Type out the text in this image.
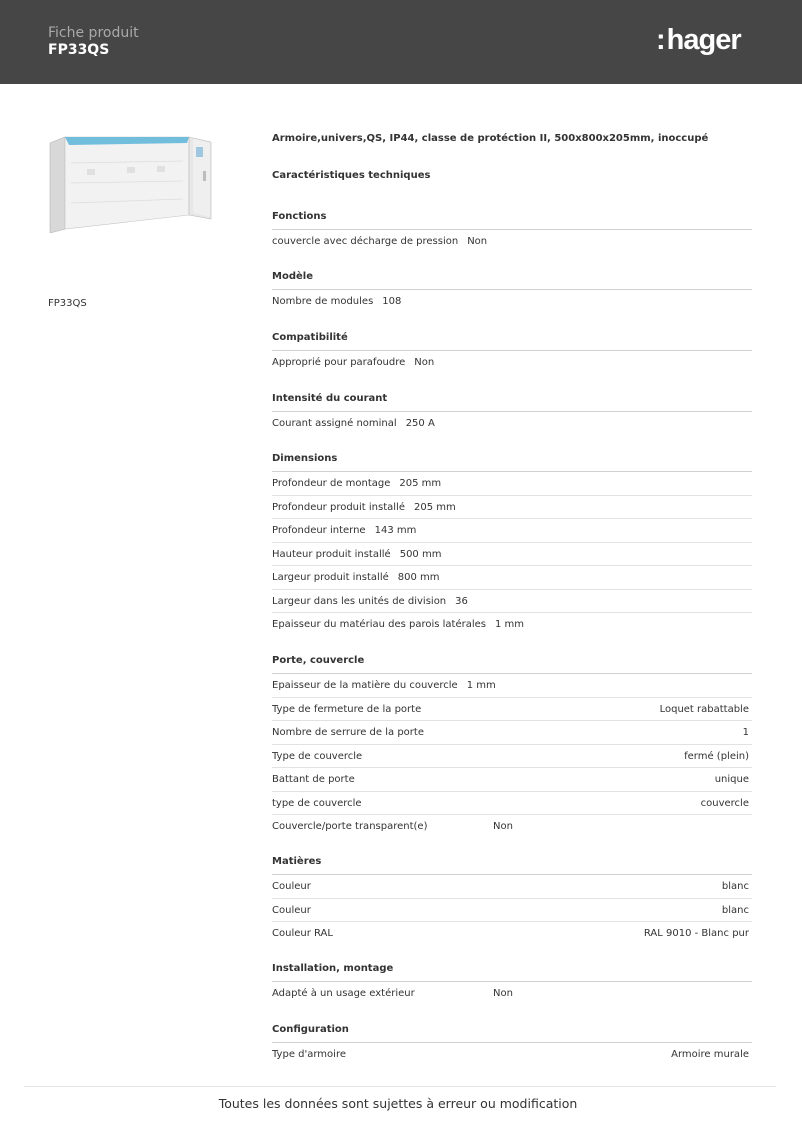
Fiche produit
FP33QS	:hager
FP33QS
Armoire,univers,QS, IP44, classe de protéction II, 500x800x205mm, inoccupé
Caractéristiques techniques
Fonctions
couvercle avec décharge de pression Non
Modèle
Nombre de modules 108
Compatibilité
Approprié pour parafoudre Non
Intensité du courant
Courant assigné nominal 250 A
Dimensions
Profondeur de montage 205 mm
Profondeur produit installé 205 mm
Profondeur interne 143 mm
Hauteur produit installé 500 mm
Largeur produit installé 800 mm
Largeur dans les unités de division 36
Epaisseur du matériau des parois latérales 1 mm
Porte, couvercle
Epaisseur de la matière du couvercle 1 mm
Type de fermeture de la porte	Loquet rabattable
Nombre de serrure de la porte	1
Type de couvercle	fermé (plein)
Battant de porte	unique
type de couvercle	couvercle
Couvercle/porte transparent(e)	Non
Matières
Couleur	blanc
Couleur	blanc
Couleur RAL	RAL 9010 - Blanc pur
Installation, montage
Adapté à un usage extérieur	Non
Configuration
Type d'armoire	Armoire murale
Toutes les données sont sujettes à erreur ou modification
